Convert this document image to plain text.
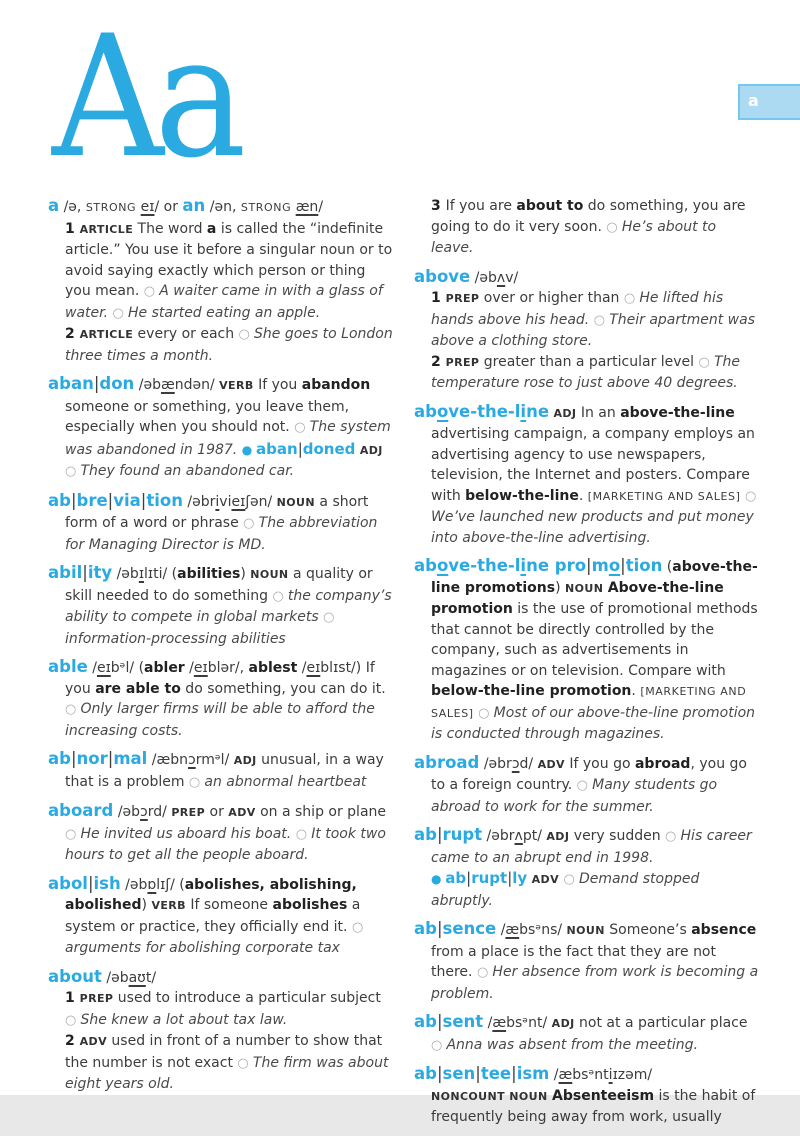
Aa	a

a /ə, STRONG eɪ/ or an /ən, STRONG æn/

1 ARTICLE The word a is called the “indefinite article.” You use it before a singular noun or to avoid saying exactly which person or thing you mean. ○ A waiter came in with a glass of water. ○ He started eating an apple.

2 ARTICLE every or each ○ She goes to London three times a month.

aban|don /əbændən/ VERB If you abandon someone or something, you leave them, especially when you should not. ○ The system was abandoned in 1987. ● aban|doned ADJ ○ They found an abandoned car.

ab|bre|via|tion /əbrivieɪʃən/ NOUN a short form of a word or phrase ○ The abbreviation for Managing Director is MD.

abil|ity /əbɪlɪti/ (abilities) NOUN a quality or skill needed to do something ○ the company’s ability to compete in global markets ○ information-processing abilities

able /eɪbᵊl/ (abler /eɪblər/, ablest /eɪblɪst/) If you are able to do something, you can do it. ○ Only larger firms will be able to afford the increasing costs.

ab|nor|mal /æbnɔrmᵊl/ ADJ unusual, in a way that is a problem ○ an abnormal heartbeat

aboard /əbɔrd/ PREP or ADV on a ship or plane ○ He invited us aboard his boat. ○ It took two hours to get all the people aboard.

abol|ish /əbɒlɪʃ/ (abolishes, abolishing, abolished) VERB If someone abolishes a system or practice, they officially end it. ○ arguments for abolishing corporate tax

about /əbaʊt/

1 PREP used to introduce a particular subject ○ She knew a lot about tax law.

2 ADV used in front of a number to show that the number is not exact ○ The firm was about eight years old.

3 If you are about to do something, you are going to do it very soon. ○ He’s about to leave.

above /əbʌv/

1 PREP over or higher than ○ He lifted his hands above his head. ○ Their apartment was above a clothing store.

2 PREP greater than a particular level ○ The temperature rose to just above 40 degrees.

above-the-line ADJ In an above-the-line advertising campaign, a company employs an advertising agency to use newspapers, television, the Internet and posters. Compare with below-the-line. [MARKETING AND SALES] ○ We’ve launched new products and put money into above-the-line advertising.

above-the-line pro|mo|tion (above-the-line promotions) NOUN Above-the-line promotion is the use of promotional methods that cannot be directly controlled by the company, such as advertisements in magazines or on television. Compare with below-the-line promotion. [MARKETING AND SALES] ○ Most of our above-the-line promotion is conducted through magazines.

abroad /əbrɔd/ ADV If you go abroad, you go to a foreign country. ○ Many students go abroad to work for the summer.

ab|rupt /əbrʌpt/ ADJ very sudden ○ His career came to an abrupt end in 1998.

● ab|rupt|ly ADV ○ Demand stopped abruptly.

ab|sence /æbsᵊns/ NOUN Someone’s absence from a place is the fact that they are not there. ○ Her absence from work is becoming a problem.

ab|sent /æbsᵊnt/ ADJ not at a particular place ○ Anna was absent from the meeting.

ab|sen|tee|ism /æbsᵊntiɪzəm/

NONCOUNT NOUN Absenteeism is the habit of frequently being away from work, usually
